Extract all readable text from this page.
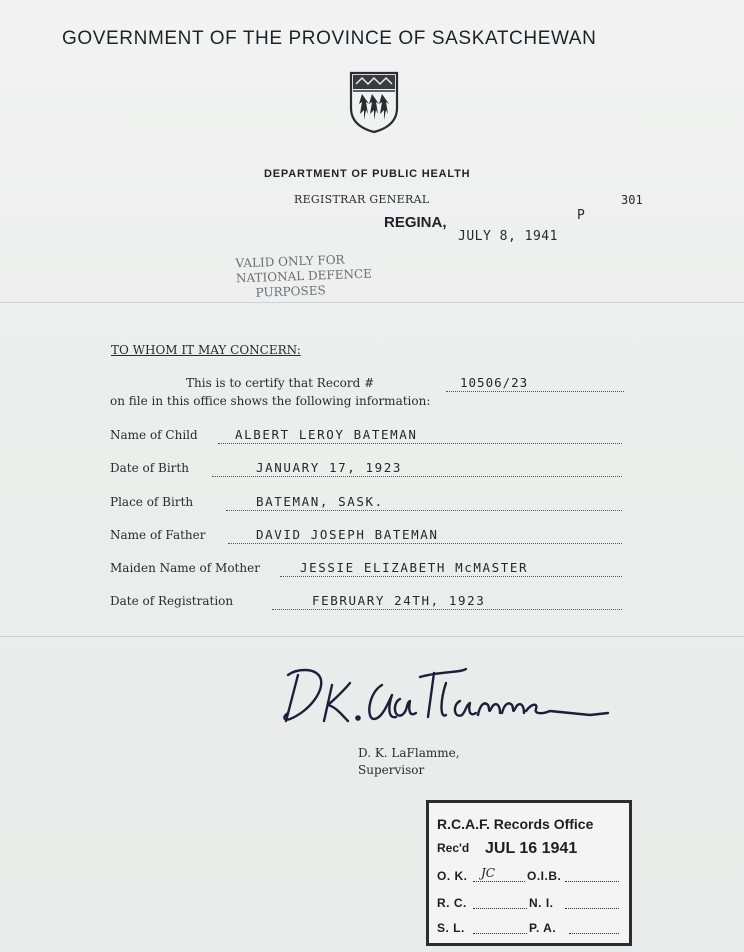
GOVERNMENT OF THE PROVINCE OF SASKATCHEWAN
DEPARTMENT OF PUBLIC HEALTH
REGISTRAR GENERAL	301
P
REGINA,
JULY 8, 1941
VALID ONLY FOR
NATIONAL DEFENCE
PURPOSES
TO WHOM IT MAY CONCERN:
This is to certify that Record #	10506/23
on file in this office shows the following information:
Name of Child	ALBERT LEROY BATEMAN
Date of Birth	JANUARY 17, 1923
Place of Birth	BATEMAN, SASK.
Name of Father	DAVID JOSEPH BATEMAN
Maiden Name of Mother	JESSIE ELIZABETH McMASTER
Date of Registration	FEBRUARY 24TH, 1923
D. K. LaFlamme,
Supervisor
R.C.A.F. Records Office
Rec'd JUL 16 1941
O. K. JC	O.I.B.
R. C.	N. I.
S. L.	P. A.
